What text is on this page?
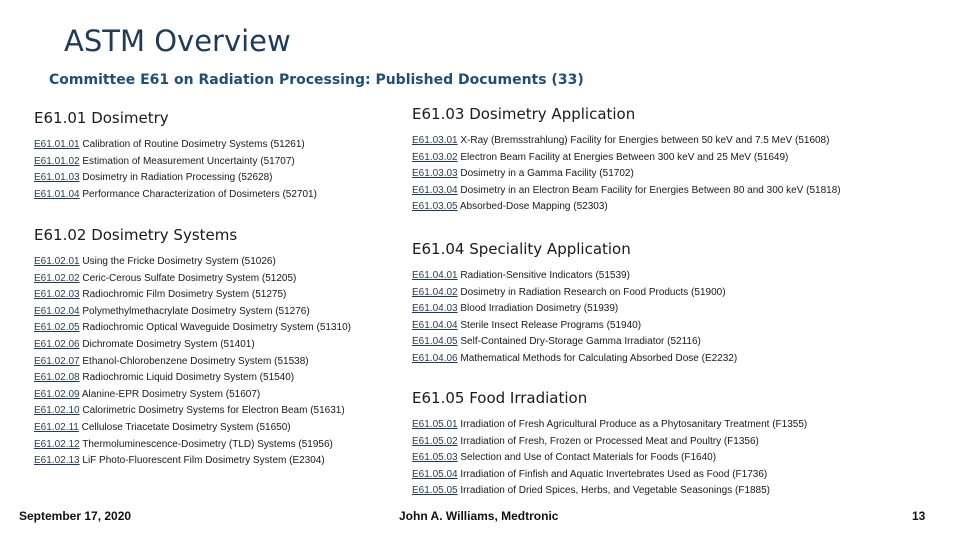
ASTM Overview
Committee E61 on Radiation Processing: Published Documents (33)
E61.01 Dosimetry
E61.01.01 Calibration of Routine Dosimetry Systems (51261)
E61.01.02 Estimation of Measurement Uncertainty (51707)
E61.01.03 Dosimetry in Radiation Processing (52628)
E61.01.04 Performance Characterization of Dosimeters (52701)
E61.02 Dosimetry Systems
E61.02.01 Using the Fricke Dosimetry System (51026)
E61.02.02 Ceric-Cerous Sulfate Dosimetry System (51205)
E61.02.03 Radiochromic Film Dosimetry System (51275)
E61.02.04 Polymethylmethacrylate Dosimetry System (51276)
E61.02.05 Radiochromic Optical Waveguide Dosimetry System (51310)
E61.02.06 Dichromate Dosimetry System (51401)
E61.02.07 Ethanol-Chlorobenzene Dosimetry System (51538)
E61.02.08 Radiochromic Liquid Dosimetry System (51540)
E61.02.09 Alanine-EPR Dosimetry System (51607)
E61.02.10 Calorimetric Dosimetry Systems for Electron Beam (51631)
E61.02.11 Cellulose Triacetate Dosimetry System (51650)
E61.02.12 Thermoluminescence-Dosimetry (TLD) Systems (51956)
E61.02.13 LiF Photo-Fluorescent Film Dosimetry System (E2304)
E61.03 Dosimetry Application
E61.03.01 X-Ray (Bremsstrahlung) Facility for Energies between 50 keV and 7.5 MeV (51608)
E61.03.02 Electron Beam Facility at Energies Between 300 keV and 25 MeV (51649)
E61.03.03 Dosimetry in a Gamma Facility (51702)
E61.03.04 Dosimetry in an Electron Beam Facility for Energies Between 80 and 300 keV (51818)
E61.03.05 Absorbed-Dose Mapping (52303)
E61.04 Speciality Application
E61.04.01 Radiation-Sensitive Indicators (51539)
E61.04.02 Dosimetry in Radiation Research on Food Products (51900)
E61.04.03 Blood Irradiation Dosimetry (51939)
E61.04.04 Sterile Insect Release Programs (51940)
E61.04.05 Self-Contained Dry-Storage Gamma Irradiator (52116)
E61.04.06 Mathematical Methods for Calculating Absorbed Dose (E2232)
E61.05 Food Irradiation
E61.05.01 Irradiation of Fresh Agricultural Produce as a Phytosanitary Treatment (F1355)
E61.05.02 Irradiation of Fresh, Frozen or Processed Meat and Poultry (F1356)
E61.05.03 Selection and Use of Contact Materials for Foods (F1640)
E61.05.04 Irradiation of Finfish and Aquatic Invertebrates Used as Food (F1736)
E61.05.05 Irradiation of Dried Spices, Herbs, and Vegetable Seasonings (F1885)
September 17, 2020	John A. Williams, Medtronic	13
